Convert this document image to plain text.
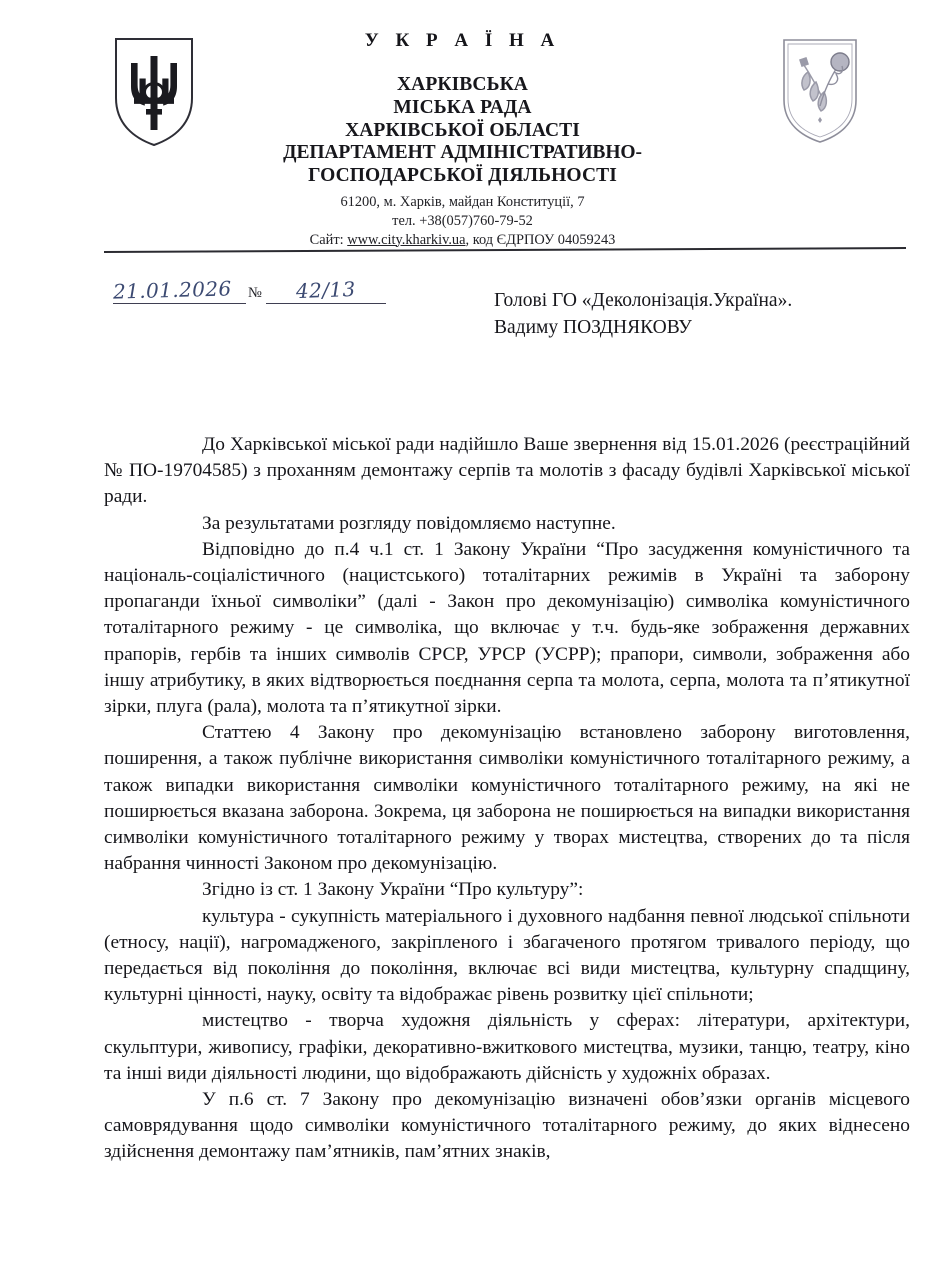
У К Р А Ї Н А
ХАРКІВСЬКА
МІСЬКА РАДА
ХАРКІВСЬКОЇ ОБЛАСТІ
ДЕПАРТАМЕНТ АДМІНІСТРАТИВНО-
ГОСПОДАРСЬКОЇ ДІЯЛЬНОСТІ
61200, м. Харків, майдан Конституції, 7
тел. +38(057)760-79-52
Сайт: www.city.kharkiv.ua, код ЄДРПОУ 04059243
21.01.2026	№	42/13	Голові ГО «Деколонізація.Україна».
Вадиму ПОЗДНЯКОВУ

До Харківської міської ради надійшло Ваше звернення від 15.01.2026 (реєстраційний № ПО-19704585) з проханням демонтажу серпів та молотів з фасаду будівлі Харківської міської ради.

За результатами розгляду повідомляємо наступне.

Відповідно до п.4 ч.1 ст. 1 Закону України “Про засудження комуністичного та національ-соціалістичного (нацистського) тоталітарних режимів в Україні та заборону пропаганди їхньої символіки” (далі - Закон про декомунізацію) символіка комуністичного тоталітарного режиму - це символіка, що включає у т.ч. будь-яке зображення державних прапорів, гербів та інших символів СРСР, УРСР (УСРР); прапори, символи, зображення або іншу атрибутику, в яких відтворюється поєднання серпа та молота, серпа, молота та п’ятикутної зірки, плуга (рала), молота та п’ятикутної зірки.

Статтею 4 Закону про декомунізацію встановлено заборону виготовлення, поширення, а також публічне використання символіки комуністичного тоталітарного режиму, а також випадки використання символіки комуністичного тоталітарного режиму, на які не поширюється вказана заборона. Зокрема, ця заборона не поширюється на випадки використання символіки комуністичного тоталітарного режиму у творах мистецтва, створених до та після набрання чинності Законом про декомунізацію.

Згідно із ст. 1 Закону України “Про культуру”:

культура - сукупність матеріального і духовного надбання певної людської спільноти (етносу, нації), нагромадженого, закріпленого і збагаченого протягом тривалого періоду, що передається від покоління до покоління, включає всі види мистецтва, культурну спадщину, культурні цінності, науку, освіту та відображає рівень розвитку цієї спільноти;

мистецтво - творча художня діяльність у сферах: літератури, архітектури, скульптури, живопису, графіки, декоративно-вжиткового мистецтва, музики, танцю, театру, кіно та інші види діяльності людини, що відображають дійсність у художніх образах.

У п.6 ст. 7 Закону про декомунізацію визначені обов’язки органів місцевого самоврядування щодо символіки комуністичного тоталітарного режиму, до яких віднесено здійснення демонтажу пам’ятників, пам’ятних знаків,
